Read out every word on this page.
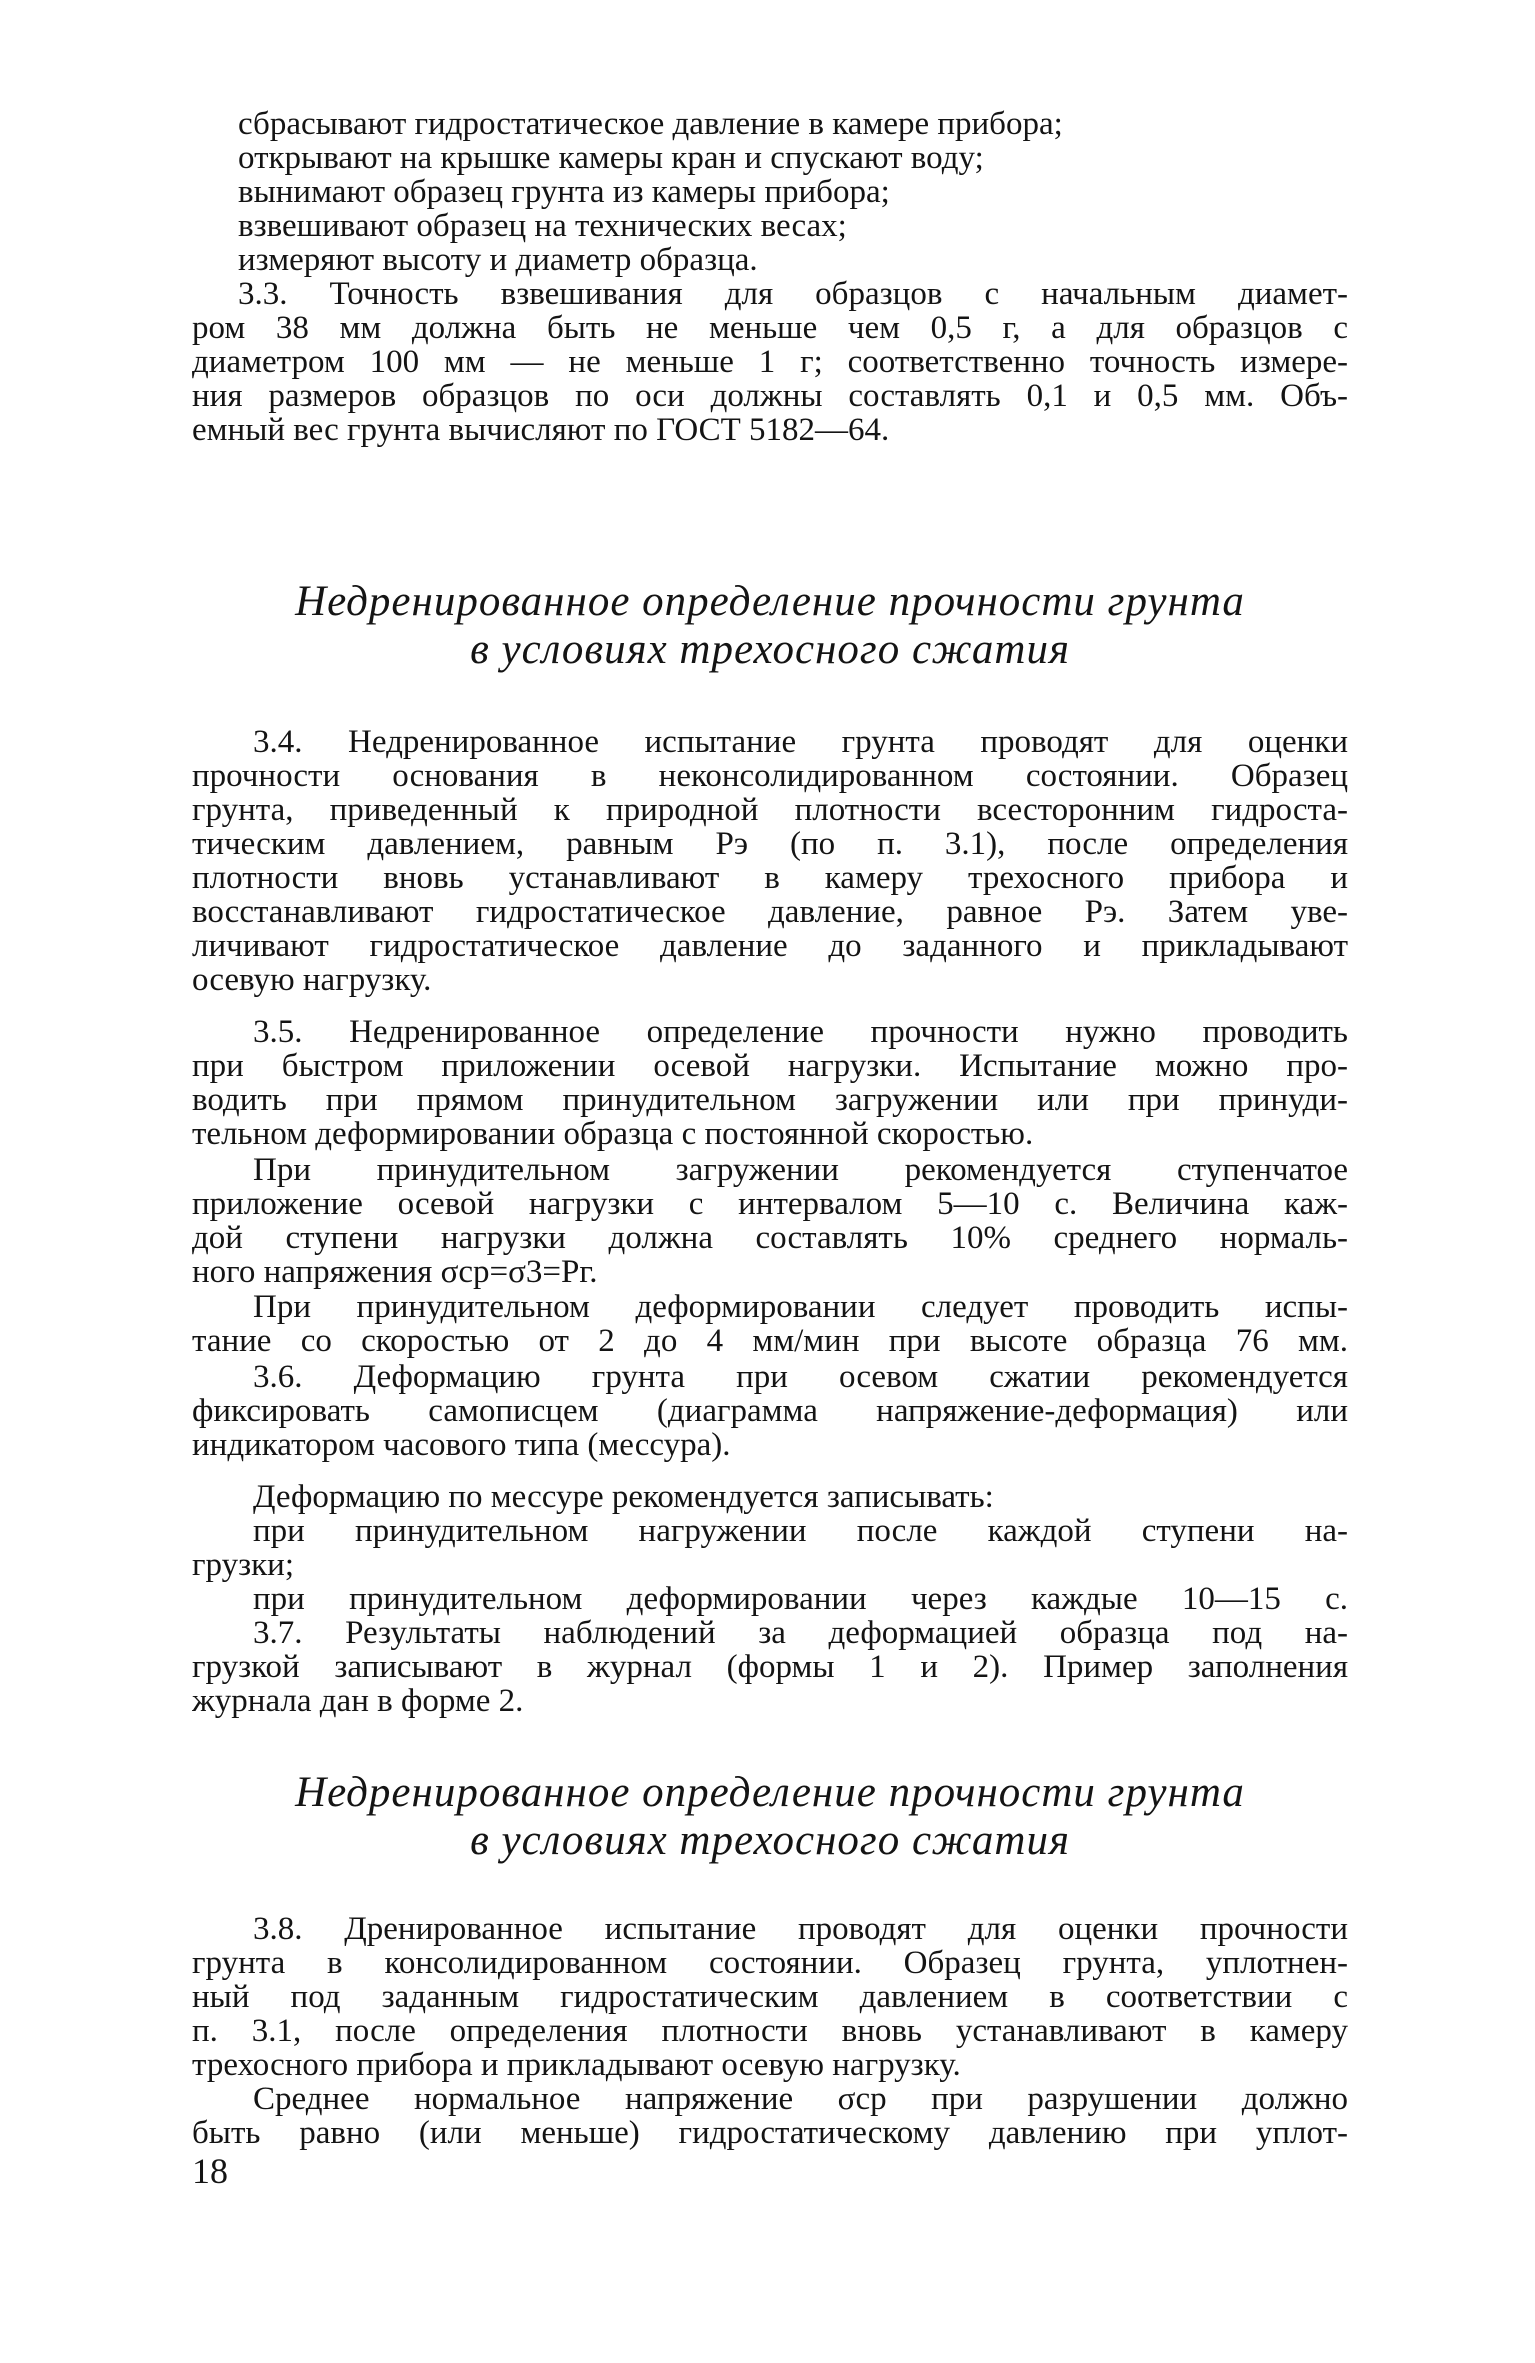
сбрасывают гидростатическое давление в камере прибора;
открывают на крышке камеры кран и спускают воду;
вынимают образец грунта из камеры прибора;
взвешивают образец на технических весах;
измеряют высоту и диаметр образца.
3.3. Точность взвешивания для образцов с начальным диамет-
ром 38 мм должна быть не меньше чем 0,5 г, а для образцов с
диаметром 100 мм — не меньше 1 г; соответственно точность измере-
ния размеров образцов по оси должны составлять 0,1 и 0,5 мм. Объ-
емный вес грунта вычисляют по ГОСТ 5182—64.
Недренированное определение прочности грунта
в условиях трехосного сжатия
3.4. Недренированное испытание грунта проводят для оценки
прочности основания в неконсолидированном состоянии. Образец
грунта, приведенный к природной плотности всесторонним гидроста-
тическим давлением, равным Pэ (по п. 3.1), после определения
плотности вновь устанавливают в камеру трехосного прибора и
восстанавливают гидростатическое давление, равное Pэ. Затем уве-
личивают гидростатическое давление до заданного и прикладывают
осевую нагрузку.
3.5. Недренированное определение прочности нужно проводить
при быстром приложении осевой нагрузки. Испытание можно про-
водить при прямом принудительном загружении или при принуди-
тельном деформировании образца с постоянной скоростью.
При принудительном загружении рекомендуется ступенчатое
приложение осевой нагрузки с интервалом 5—10 с. Величина каж-
дой ступени нагрузки должна составлять 10% среднего нормаль-
ного напряжения σср=σ3=Pг.
При принудительном деформировании следует проводить испы-
тание со скоростью от 2 до 4 мм/мин при высоте образца 76 мм.
3.6. Деформацию грунта при осевом сжатии рекомендуется
фиксировать самописцем (диаграмма напряжение-деформация) или
индикатором часового типа (мессура).
Деформацию по мессуре рекомендуется записывать:
при принудительном нагружении после каждой ступени на-
грузки;
при принудительном деформировании через каждые 10—15 с.
3.7. Результаты наблюдений за деформацией образца под на-
грузкой записывают в журнал (формы 1 и 2). Пример заполнения
журнала дан в форме 2.
Недренированное определение прочности грунта
в условиях трехосного сжатия
3.8. Дренированное испытание проводят для оценки прочности
грунта в консолидированном состоянии. Образец грунта, уплотнен-
ный под заданным гидростатическим давлением в соответствии с
п. 3.1, после определения плотности вновь устанавливают в камеру
трехосного прибора и прикладывают осевую нагрузку.
Среднее нормальное напряжение σср при разрушении должно
быть равно (или меньше) гидростатическому давлению при уплот-
18
